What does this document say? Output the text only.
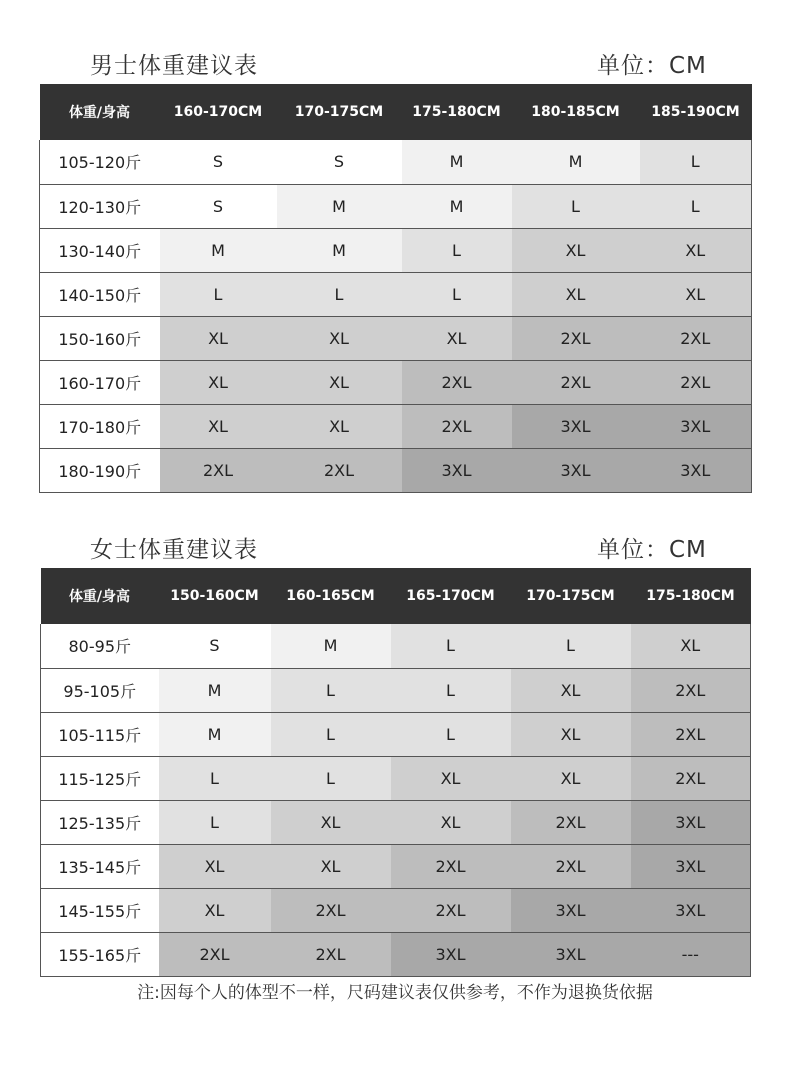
男士体重建议表	单位：CM
体重/身高	160-170CM	170-175CM	175-180CM	180-185CM	185-190CM
105-120斤	S	S	M	M	L
120-130斤	S	M	M	L	L
130-140斤	M	M	L	XL	XL
140-150斤	L	L	L	XL	XL
150-160斤	XL	XL	XL	2XL	2XL
160-170斤	XL	XL	2XL	2XL	2XL
170-180斤	XL	XL	2XL	3XL	3XL
180-190斤	2XL	2XL	3XL	3XL	3XL
女士体重建议表	单位：CM
体重/身高	150-160CM	160-165CM	165-170CM	170-175CM	175-180CM
80-95斤	S	M	L	L	XL
95-105斤	M	L	L	XL	2XL
105-115斤	M	L	L	XL	2XL
115-125斤	L	L	XL	XL	2XL
125-135斤	L	XL	XL	2XL	3XL
135-145斤	XL	XL	2XL	2XL	3XL
145-155斤	XL	2XL	2XL	3XL	3XL
155-165斤	2XL	2XL	3XL	3XL	---
注:因每个人的体型不一样，尺码建议表仅供参考，不作为退换货依据
